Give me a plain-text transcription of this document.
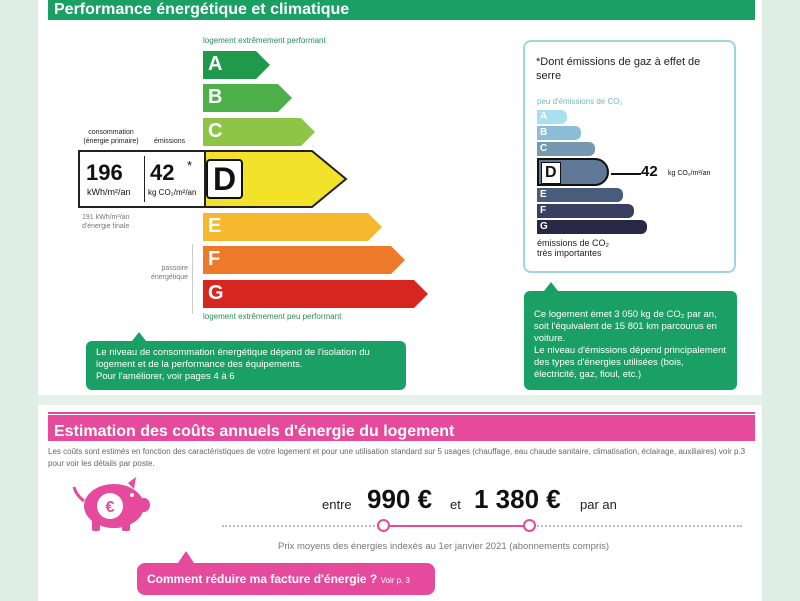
Performance énergétique et climatique
logement extrêmement performant
A
B
C
D
E
F
G
logement extrêmement peu performant
consommation
(énergie primaire)	émissions
196
kWh/m²/an
42 *
kg CO₂/m²/an
191 kWh/m²/an
d'énergie finale
passoire
énergétique
Le niveau de consommation énergétique dépend de l'isolation du logement et de la performance des équipements.
Pour l'améliorer, voir pages 4 à 6
*Dont émissions de gaz à effet de serre
peu d'émissions de CO₂
A
B
C
D
E
F
G
42 kg CO₂/m²/an
émissions de CO₂
très importantes

Ce logement émet 3 050 kg de CO₂ par an, soit l'équivalent de 15 801 km parcourus en voiture.
Le niveau d'émissions dépend principalement des types d'énergies utilisées (bois, électricité, gaz, fioul, etc.)

Estimation des coûts annuels d'énergie du logement
Les coûts sont estimés en fonction des caractéristiques de votre logement et pour une utilisation standard sur 5 usages (chauffage, eau chaude sanitaire, climatisation, éclairage, auxiliaires) voir p.3 pour voir les détails par poste.
€	entre 990 € et 1 380 € par an
Prix moyens des énergies indexés au 1er janvier 2021 (abonnements compris)
Comment réduire ma facture d'énergie ? Voir p. 3
